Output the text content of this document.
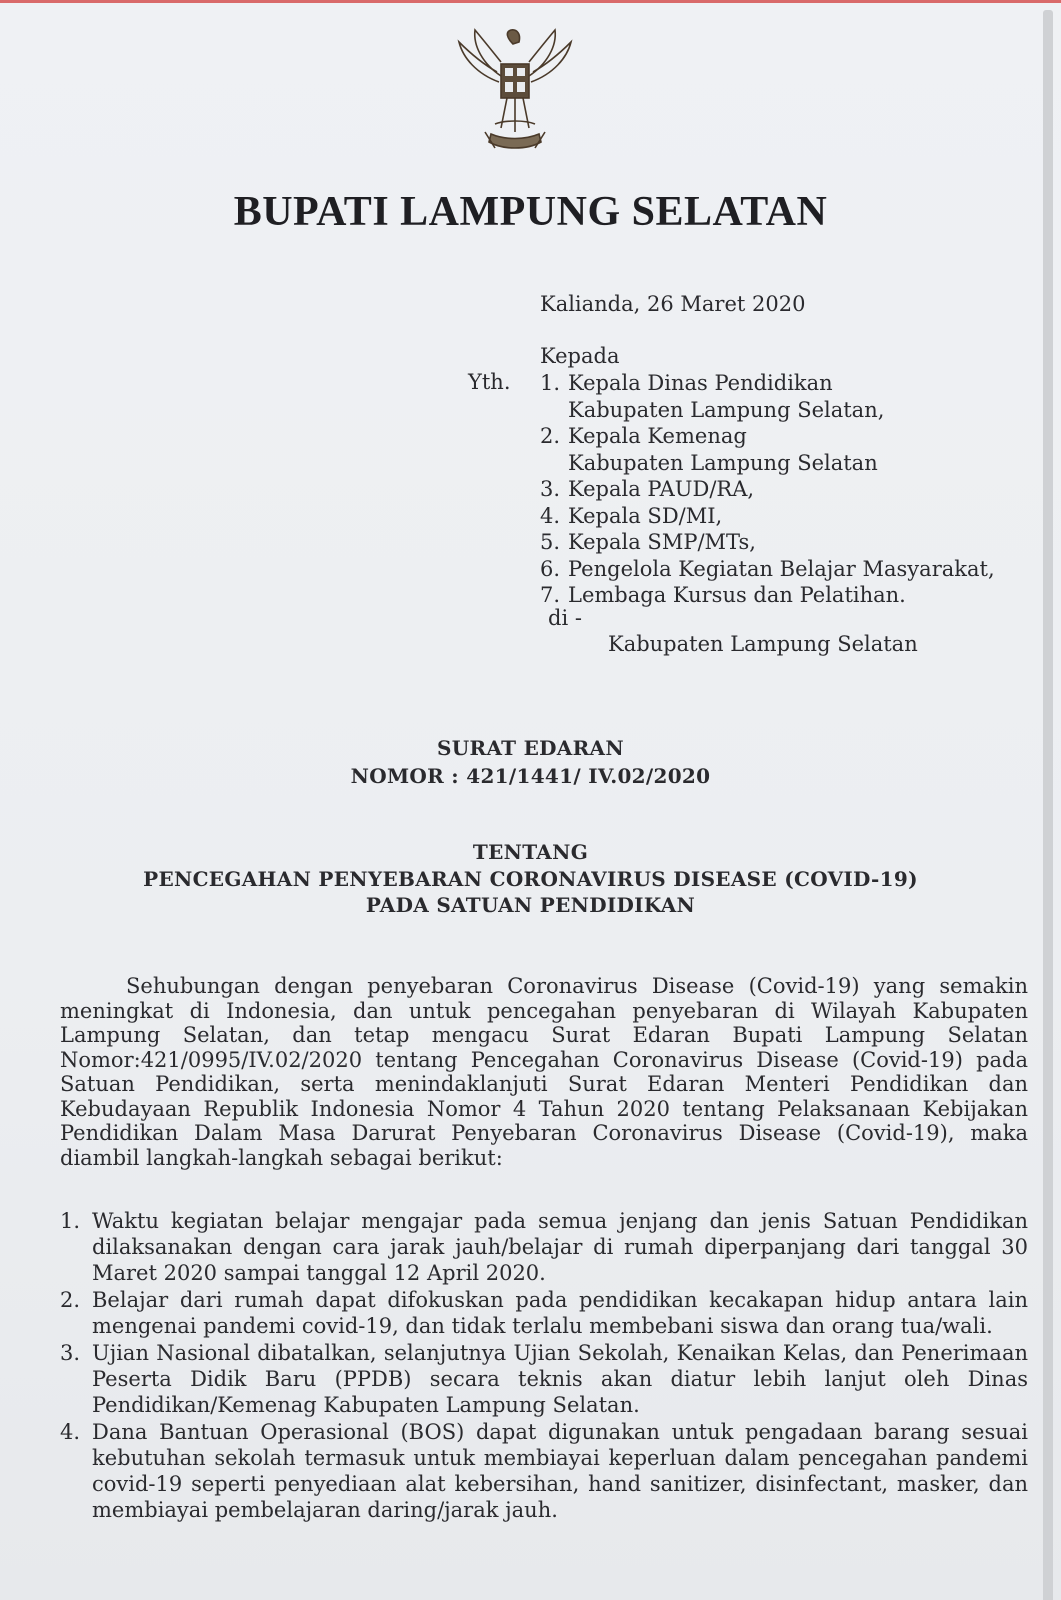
BUPATI LAMPUNG SELATAN
Kalianda, 26 Maret 2020
Kepada
Yth. 1. Kepala Dinas Pendidikan
Kabupaten Lampung Selatan,
2. Kepala Kemenag
Kabupaten Lampung Selatan
3. Kepala PAUD/RA,
4. Kepala SD/MI,
5. Kepala SMP/MTs,
6. Pengelola Kegiatan Belajar Masyarakat,
7. Lembaga Kursus dan Pelatihan.
di -
Kabupaten Lampung Selatan
SURAT EDARAN
NOMOR : 421/1441/ IV.02/2020
TENTANG
PENCEGAHAN PENYEBARAN CORONAVIRUS DISEASE (COVID-19)
PADA SATUAN PENDIDIKAN

Sehubungan dengan penyebaran Coronavirus Disease (Covid-19) yang semakin meningkat di Indonesia, dan untuk pencegahan penyebaran di Wilayah Kabupaten Lampung Selatan, dan tetap mengacu Surat Edaran Bupati Lampung Selatan Nomor:421/0995/IV.02/2020 tentang Pencegahan Coronavirus Disease (Covid-19) pada Satuan Pendidikan, serta menindaklanjuti Surat Edaran Menteri Pendidikan dan Kebudayaan Republik Indonesia Nomor 4 Tahun 2020 tentang Pelaksanaan Kebijakan Pendidikan Dalam Masa Darurat Penyebaran Coronavirus Disease (Covid-19), maka diambil langkah-langkah sebagai berikut:

1. Waktu kegiatan belajar mengajar pada semua jenjang dan jenis Satuan Pendidikan dilaksanakan dengan cara jarak jauh/belajar di rumah diperpanjang dari tanggal 30 Maret 2020 sampai tanggal 12 April 2020.
2. Belajar dari rumah dapat difokuskan pada pendidikan kecakapan hidup antara lain mengenai pandemi covid-19, dan tidak terlalu membebani siswa dan orang tua/wali.
3. Ujian Nasional dibatalkan, selanjutnya Ujian Sekolah, Kenaikan Kelas, dan Penerimaan Peserta Didik Baru (PPDB) secara teknis akan diatur lebih lanjut oleh Dinas Pendidikan/Kemenag Kabupaten Lampung Selatan.
4. Dana Bantuan Operasional (BOS) dapat digunakan untuk pengadaan barang sesuai kebutuhan sekolah termasuk untuk membiayai keperluan dalam pencegahan pandemi covid-19 seperti penyediaan alat kebersihan, hand sanitizer, disinfectant, masker, dan membiayai pembelajaran daring/jarak jauh.
